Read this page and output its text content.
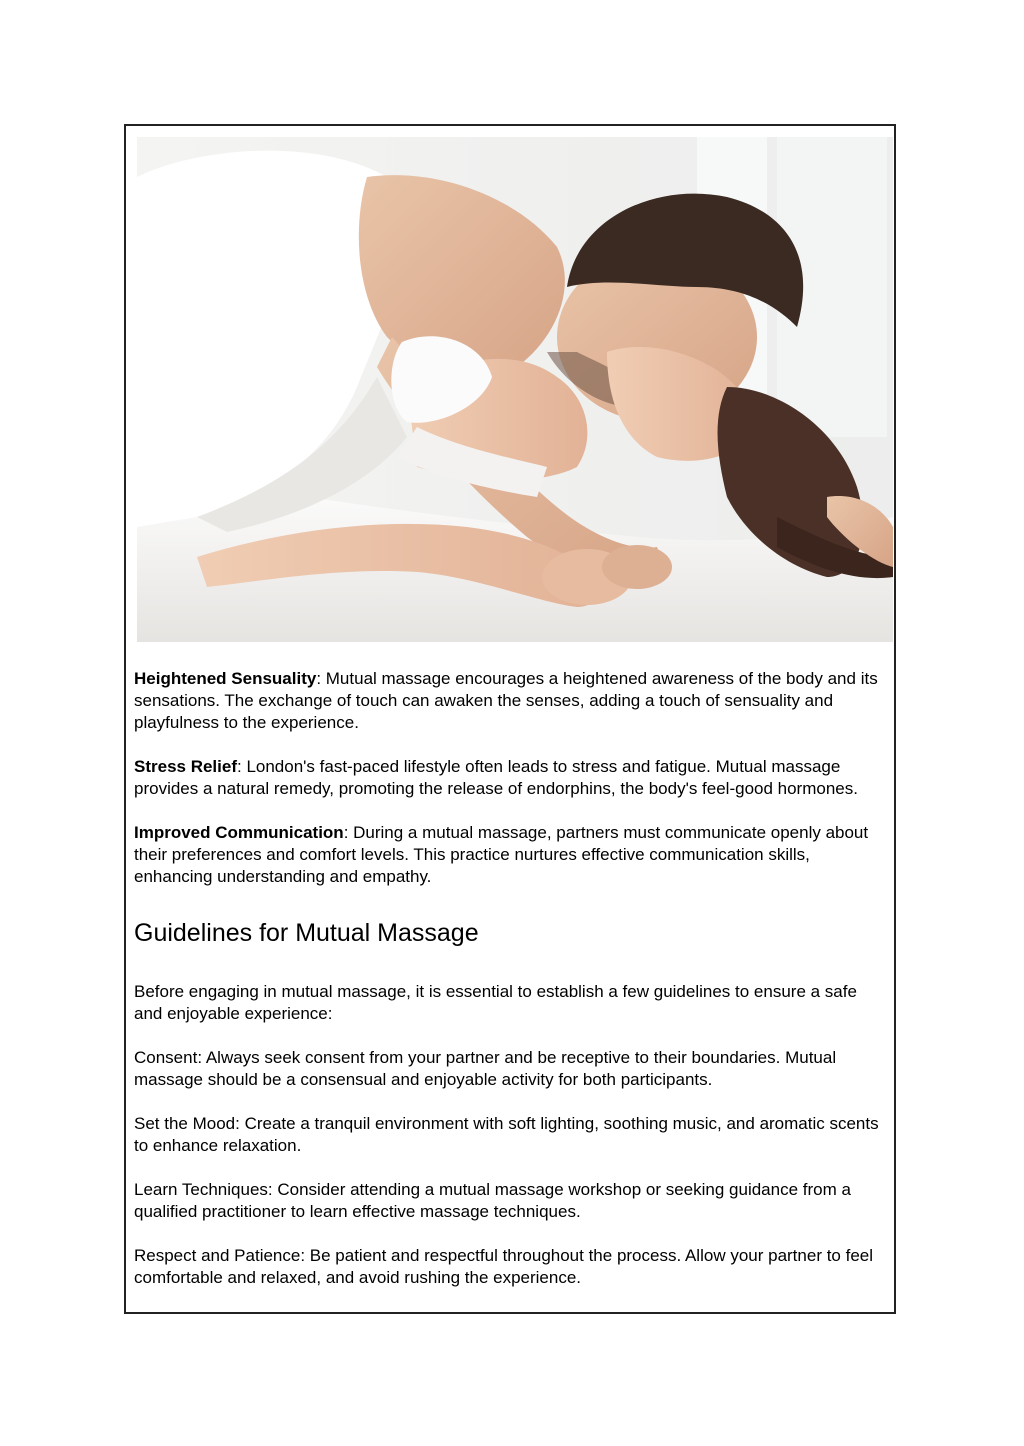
Heightened Sensuality: Mutual massage encourages a heightened awareness of the body and its sensations. The exchange of touch can awaken the senses, adding a touch of sensuality and playfulness to the experience.

Stress Relief: London's fast-paced lifestyle often leads to stress and fatigue. Mutual massage provides a natural remedy, promoting the release of endorphins, the body's feel-good hormones.

Improved Communication: During a mutual massage, partners must communicate openly about their preferences and comfort levels. This practice nurtures effective communication skills, enhancing understanding and empathy.

Guidelines for Mutual Massage

Before engaging in mutual massage, it is essential to establish a few guidelines to ensure a safe and enjoyable experience:

Consent: Always seek consent from your partner and be receptive to their boundaries. Mutual massage should be a consensual and enjoyable activity for both participants.

Set the Mood: Create a tranquil environment with soft lighting, soothing music, and aromatic scents to enhance relaxation.

Learn Techniques: Consider attending a mutual massage workshop or seeking guidance from a qualified practitioner to learn effective massage techniques.

Respect and Patience: Be patient and respectful throughout the process. Allow your partner to feel comfortable and relaxed, and avoid rushing the experience.
